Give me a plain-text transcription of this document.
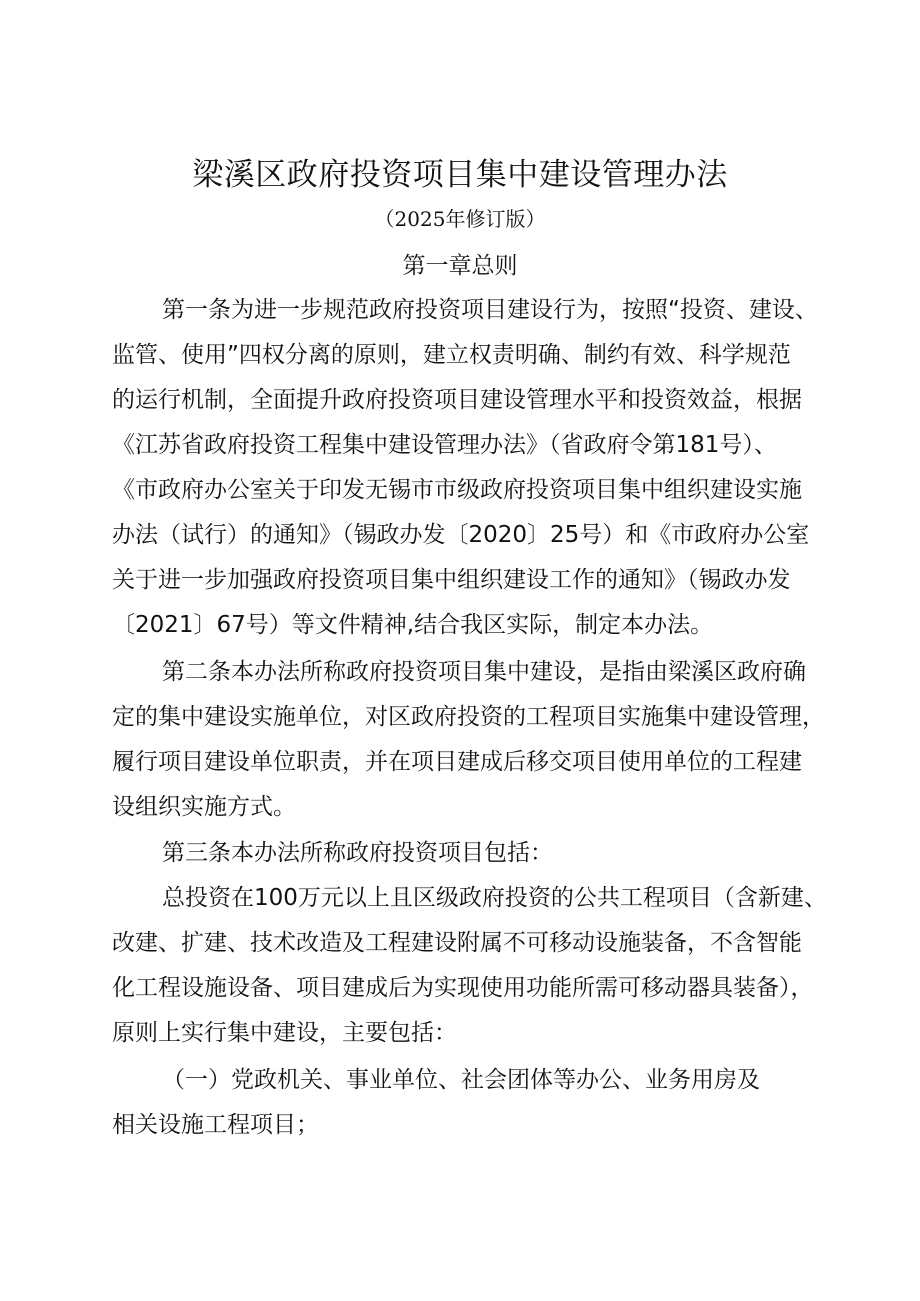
梁溪区政府投资项目集中建设管理办法
（2025年修订版）
第一章总则
第一条为进一步规范政府投资项目建设行为，按照“投资、建设、
监管、使用”四权分离的原则，建立权责明确、制约有效、科学规范
的运行机制，全面提升政府投资项目建设管理水平和投资效益，根据
《江苏省政府投资工程集中建设管理办法》（省政府令第181号）、
《市政府办公室关于印发无锡市市级政府投资项目集中组织建设实施
办法（试行）的通知》（锡政办发〔2020〕25号）和《市政府办公室
关于进一步加强政府投资项目集中组织建设工作的通知》（锡政办发
〔2021〕67号）等文件精神,结合我区实际，制定本办法。
第二条本办法所称政府投资项目集中建设，是指由梁溪区政府确
定的集中建设实施单位，对区政府投资的工程项目实施集中建设管理，
履行项目建设单位职责，并在项目建成后移交项目使用单位的工程建
设组织实施方式。
第三条本办法所称政府投资项目包括：
总投资在100万元以上且区级政府投资的公共工程项目（含新建、
改建、扩建、技术改造及工程建设附属不可移动设施装备，不含智能
化工程设施设备、项目建成后为实现使用功能所需可移动器具装备），
原则上实行集中建设，主要包括：
（一）党政机关、事业单位、社会团体等办公、业务用房及
相关设施工程项目；
